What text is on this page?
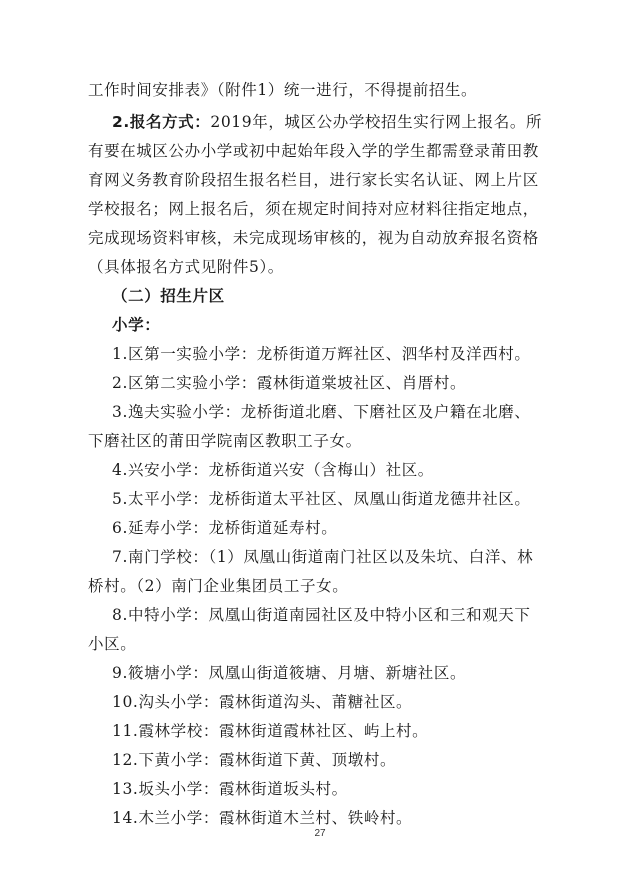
工作时间安排表》（附件1）统一进行，不得提前招生。
2.报名方式：2019年，城区公办学校招生实行网上报名。所
有要在城区公办小学或初中起始年段入学的学生都需登录莆田教
育网义务教育阶段招生报名栏目，进行家长实名认证、网上片区
学校报名；网上报名后，须在规定时间持对应材料往指定地点，
完成现场资料审核，未完成现场审核的，视为自动放弃报名资格
（具体报名方式见附件5）。
（二）招生片区
小学：
1.区第一实验小学：龙桥街道万辉社区、泗华村及洋西村。
2.区第二实验小学：霞林街道棠坡社区、肖厝村。
3.逸夫实验小学：龙桥街道北磨、下磨社区及户籍在北磨、
下磨社区的莆田学院南区教职工子女。
4.兴安小学：龙桥街道兴安（含梅山）社区。
5.太平小学：龙桥街道太平社区、凤凰山街道龙德井社区。
6.延寿小学：龙桥街道延寿村。
7.南门学校：（1）凤凰山街道南门社区以及朱坑、白洋、林
桥村。（2）南门企业集团员工子女。
8.中特小学：凤凰山街道南园社区及中特小区和三和观天下
小区。
9.筱塘小学：凤凰山街道筱塘、月塘、新塘社区。
10.沟头小学：霞林街道沟头、莆糖社区。
11.霞林学校：霞林街道霞林社区、屿上村。
12.下黄小学：霞林街道下黄、顶墩村。
13.坂头小学：霞林街道坂头村。
14.木兰小学：霞林街道木兰村、铁岭村。
27
